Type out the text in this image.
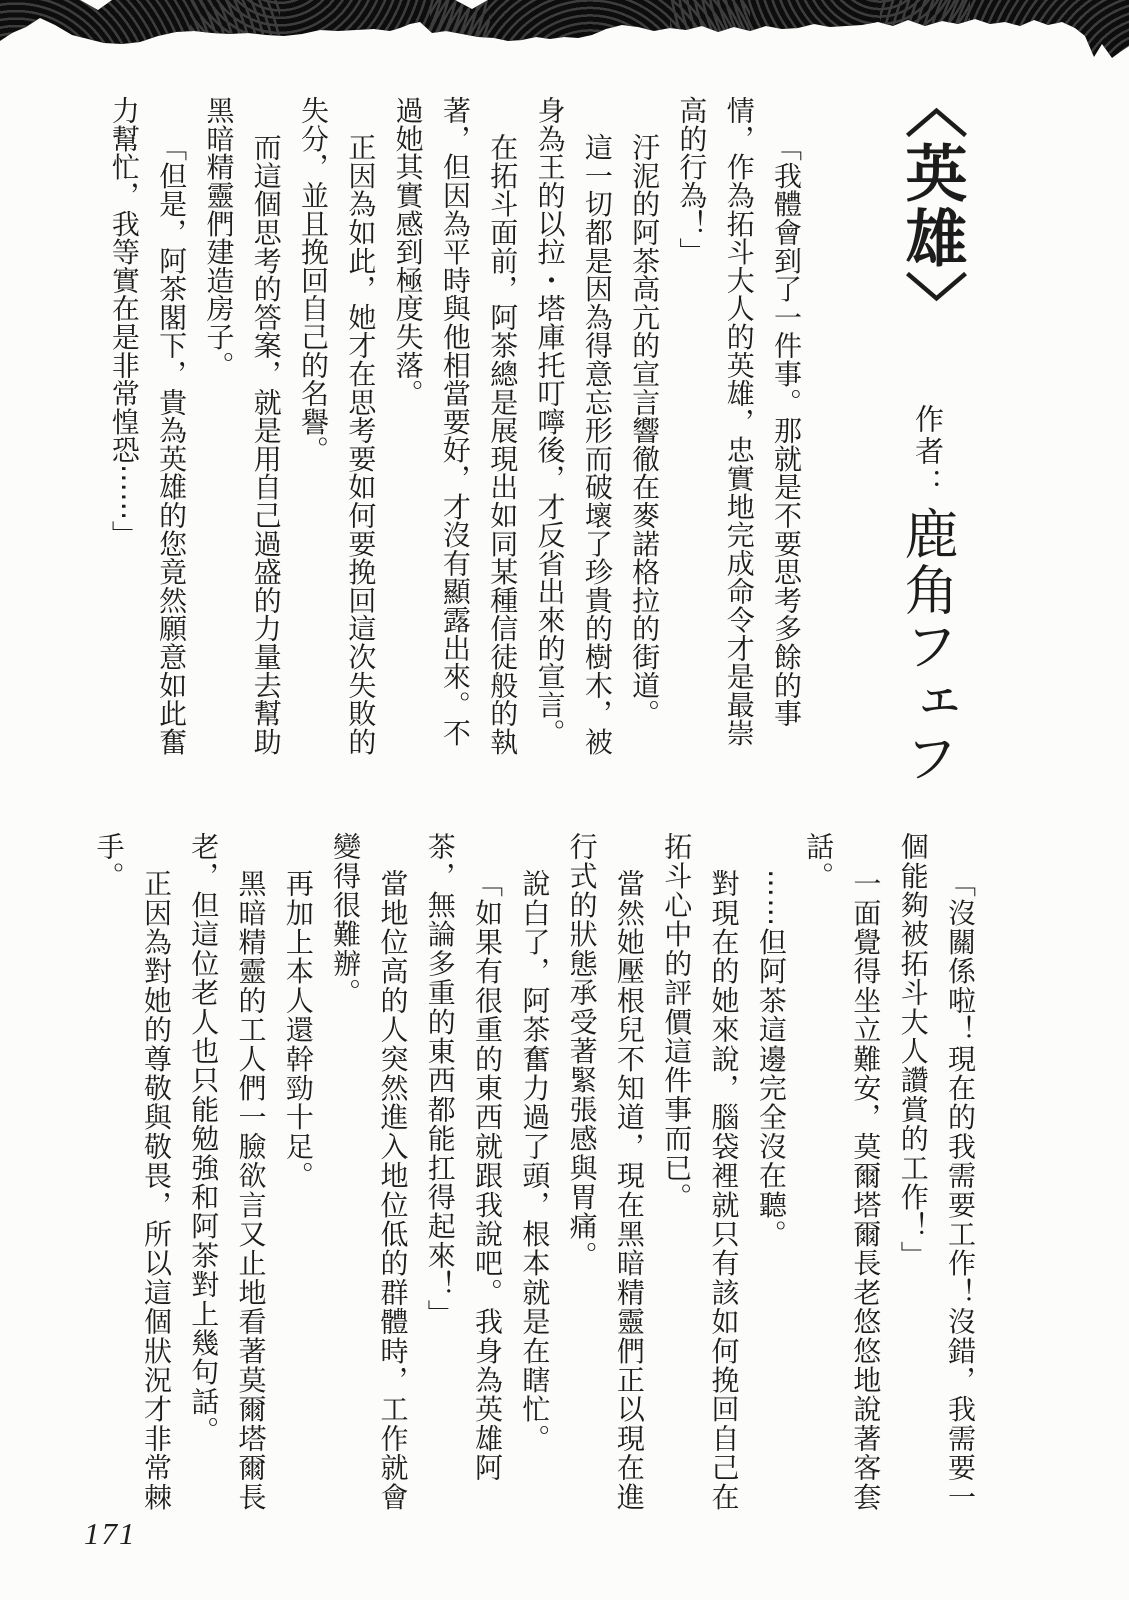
〈英雄〉
作者：鹿角フェフ

「我體會到了一件事。那就是不要思考多餘的事情，作為拓斗大人的英雄，忠實地完成命令才是最崇高的行為！」

汙泥的阿茶高亢的宣言響徹在麥諾格拉的街道。

這一切都是因為得意忘形而破壞了珍貴的樹木，被身為王的以拉・塔庫托叮嚀後，才反省出來的宣言。

在拓斗面前，阿茶總是展現出如同某種信徒般的執著，但因為平時與他相當要好，才沒有顯露出來。不過她其實感到極度失落。

正因為如此，她才在思考要如何要挽回這次失敗的失分，並且挽回自己的名譽。

而這個思考的答案，就是用自己過盛的力量去幫助黑暗精靈們建造房子。

「但是，阿茶閣下，貴為英雄的您竟然願意如此奮力幫忙，我等實在是非常惶恐⋯⋯」

「沒關係啦！現在的我需要工作！沒錯，我需要一個能夠被拓斗大人讚賞的工作！」

一面覺得坐立難安，莫爾塔爾長老悠悠地說著客套話。

⋯⋯但阿茶這邊完全沒在聽。

對現在的她來說，腦袋裡就只有該如何挽回自己在拓斗心中的評價這件事而已。

當然她壓根兒不知道，現在黑暗精靈們正以現在進行式的狀態承受著緊張感與胃痛。

說白了，阿茶奮力過了頭，根本就是在瞎忙。

「如果有很重的東西就跟我說吧。我身為英雄阿茶，無論多重的東西都能扛得起來！」

當地位高的人突然進入地位低的群體時，工作就會變得很難辦。

再加上本人還幹勁十足。

黑暗精靈的工人們一臉欲言又止地看著莫爾塔爾長老，但這位老人也只能勉強和阿茶對上幾句話。

正因為對她的尊敬與敬畏，所以這個狀況才非常棘手。

171
